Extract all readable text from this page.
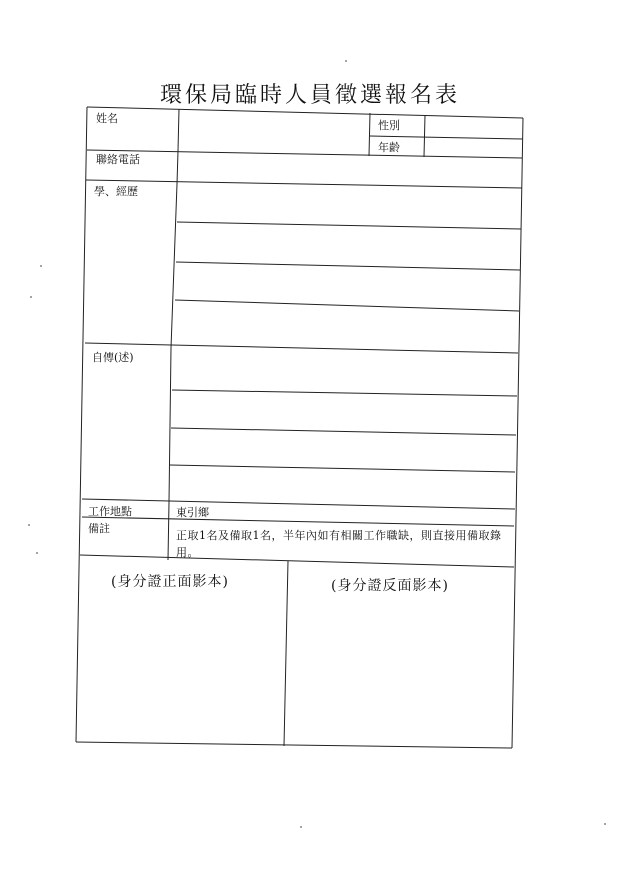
環保局臨時人員徵選報名表
姓名
性別
年齡
聯絡電話
學、經歷
自傳(述)
工作地點	東引鄉
備註
正取1名及備取1名，半年內如有相關工作職缺，則直接用備取錄用。
(身分證正面影本)	(身分證反面影本)
